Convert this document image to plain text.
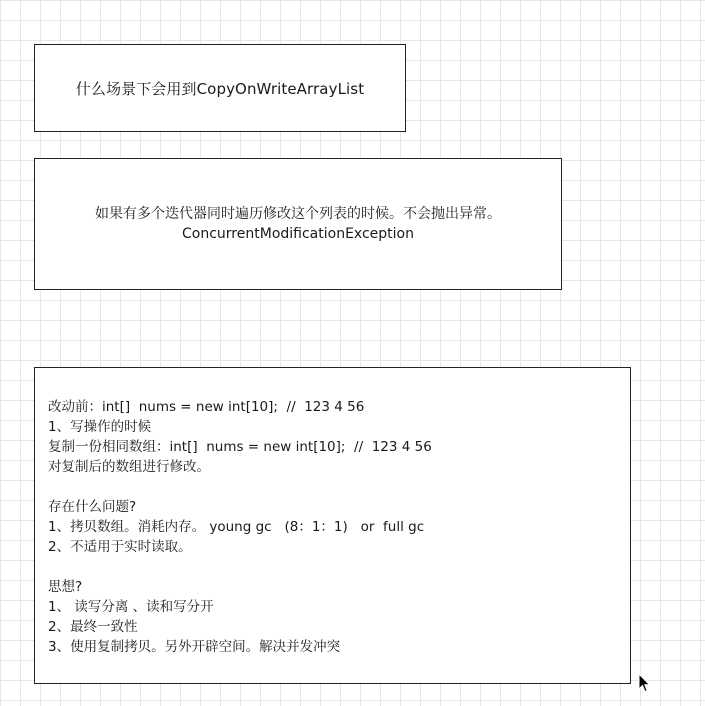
什么场景下会用到CopyOnWriteArrayList
如果有多个迭代器同时遍历修改这个列表的时候。不会抛出异常。
ConcurrentModificationException
改动前：int[]  nums = new int[10];  //  123 4 56
1、写操作的时候
复制一份相同数组：int[]  nums = new int[10];  //  123 4 56
对复制后的数组进行修改。
存在什么问题?
1、拷贝数组。消耗内存。 young gc   (8：1：1)   or  full gc
2、不适用于实时读取。
思想?
1、 读写分离 、读和写分开
2、最终一致性
3、使用复制拷贝。另外开辟空间。解决并发冲突
